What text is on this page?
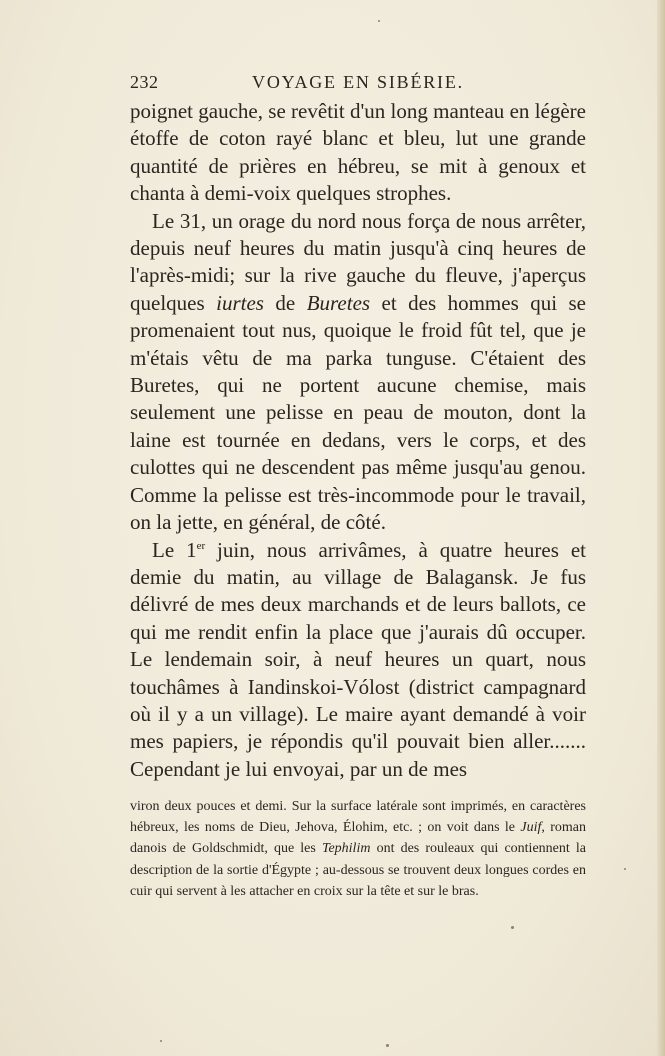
232	VOYAGE EN SIBÉRIE.

poignet gauche, se revêtit d'un long manteau en légère étoffe de coton rayé blanc et bleu, lut une grande quantité de prières en hébreu, se mit à genoux et chanta à demi-voix quelques strophes.

Le 31, un orage du nord nous força de nous arrêter, depuis neuf heures du matin jusqu'à cinq heures de l'après-midi; sur la rive gauche du fleuve, j'aperçus quelques iurtes de Buretes et des hommes qui se promenaient tout nus, quoique le froid fût tel, que je m'étais vêtu de ma parka tunguse. C'étaient des Buretes, qui ne portent aucune chemise, mais seulement une pelisse en peau de mouton, dont la laine est tournée en dedans, vers le corps, et des culottes qui ne descendent pas même jusqu'au genou. Comme la pelisse est très-incommode pour le travail, on la jette, en général, de côté.

Le 1er juin, nous arrivâmes, à quatre heures et demie du matin, au village de Balagansk. Je fus délivré de mes deux marchands et de leurs ballots, ce qui me rendit enfin la place que j'aurais dû occuper. Le lendemain soir, à neuf heures un quart, nous touchâmes à Iandinskoi-Vólost (district campagnard où il y a un village). Le maire ayant demandé à voir mes papiers, je répondis qu'il pouvait bien aller....... Cependant je lui envoyai, par un de mes

viron deux pouces et demi. Sur la surface latérale sont imprimés, en caractères hébreux, les noms de Dieu, Jehova, Élohim, etc. ; on voit dans le Juif, roman danois de Goldschmidt, que les Tephilim ont des rouleaux qui contiennent la description de la sortie d'Égypte ; au-dessous se trouvent deux longues cordes en cuir qui servent à les attacher en croix sur la tête et sur le bras.
